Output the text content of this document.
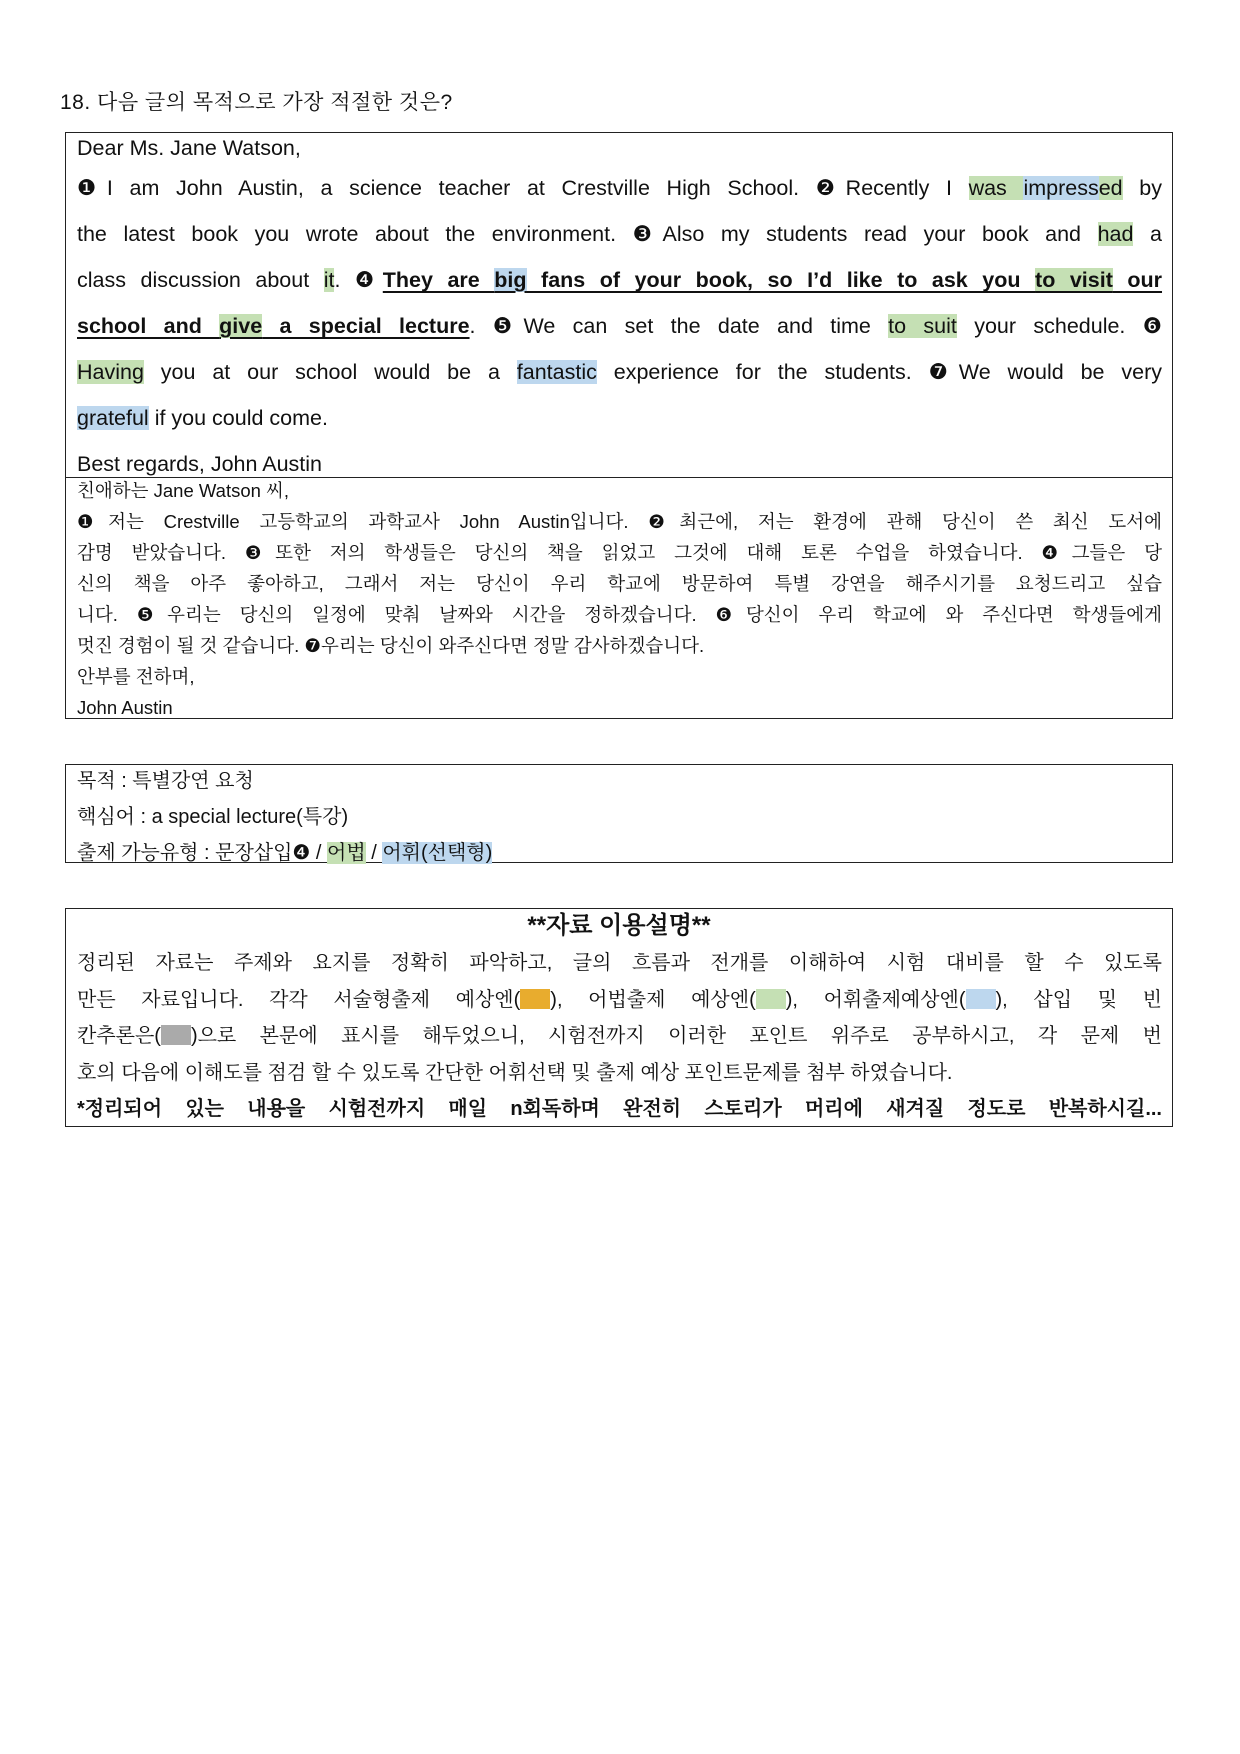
18. 다음 글의 목적으로 가장 적절한 것은?
Dear Ms. Jane Watson,
❶I am John Austin, a science teacher at Crestville High School. ❷Recently I was impressed by
the latest book you wrote about the environment. ❸Also my students read your book and had a
class discussion about it. ❹They are big fans of your book, so I’d like to ask you to visit our
school and give a special lecture. ❺We can set the date and time to suit your schedule. ❻
Having you at our school would be a fantastic experience for the students. ❼We would be very
grateful if you could come.
Best regards, John Austin
친애하는 Jane Watson 씨,
❶저는 Crestville 고등학교의 과학교사 John Austin입니다. ❷최근에, 저는 환경에 관해 당신이 쓴 최신 도서에
감명 받았습니다. ❸또한 저의 학생들은 당신의 책을 읽었고 그것에 대해 토론 수업을 하였습니다. ❹그들은 당
신의 책을 아주 좋아하고, 그래서 저는 당신이 우리 학교에 방문하여 특별 강연을 해주시기를 요청드리고 싶습
니다. ❺우리는 당신의 일정에 맞춰 날짜와 시간을 정하겠습니다. ❻당신이 우리 학교에 와 주신다면 학생들에게
멋진 경험이 될 것 같습니다. ❼우리는 당신이 와주신다면 정말 감사하겠습니다.
안부를 전하며,
John Austin
목적 : 특별강연 요청
핵심어 : a special lecture(특강)
출제 가능유형 : 문장삽입❹ / 어법 / 어휘(선택형)
**자료 이용설명**
정리된 자료는 주제와 요지를 정확히 파악하고, 글의 흐름과 전개를 이해하여 시험 대비를 할 수 있도록
만든 자료입니다. 각각 서술형출제 예상엔( ), 어법출제 예상엔( ), 어휘출제예상엔( ), 삽입 및 빈
칸추론은( )으로 본문에 표시를 해두었으니, 시험전까지 이러한 포인트 위주로 공부하시고, 각 문제 번
호의 다음에 이해도를 점검 할 수 있도록 간단한 어휘선택 및 출제 예상 포인트문제를 첨부 하였습니다.
*정리되어 있는 내용을 시험전까지 매일 n회독하며 완전히 스토리가 머리에 새겨질 정도로 반복하시길...
